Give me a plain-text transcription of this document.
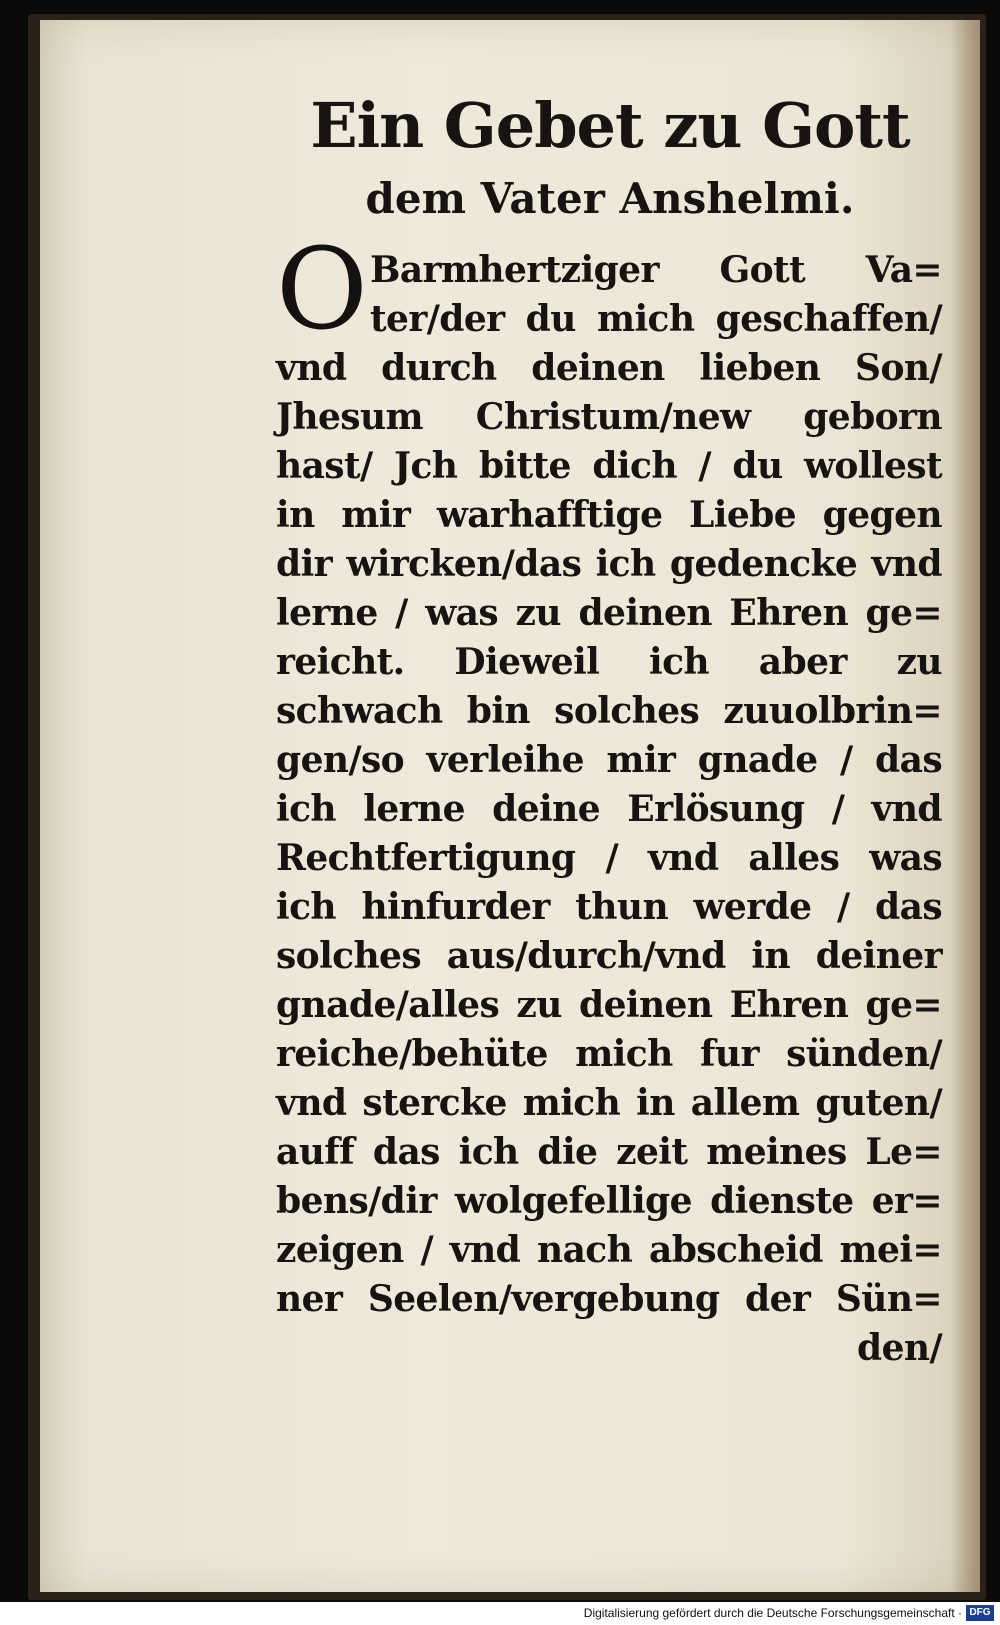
Ein Gebet zu Gott
dem Vater Anshelmi.
O Barmhertziger Gott Va=
ter/der du mich geschaffen/
vnd durch deinen lieben Son/
Jhesum Christum/new geborn
hast/ Jch bitte dich / du wollest
in mir warhafftige Liebe gegen
dir wircken/das ich gedencke vnd
lerne / was zu deinen Ehren ge=
reicht. Dieweil ich aber zu
schwach bin solches zuuolbrin=
gen/so verleihe mir gnade / das
ich lerne deine Erlösung / vnd
Rechtfertigung / vnd alles was
ich hinfurder thun werde / das
solches aus/durch/vnd in deiner
gnade/alles zu deinen Ehren ge=
reiche/behüte mich fur sünden/
vnd stercke mich in allem guten/
auff das ich die zeit meines Le=
bens/dir wolgefellige dienste er=
zeigen / vnd nach abscheid mei=
ner Seelen/vergebung der Sün=
den/
Digitalisierung gefördert durch die Deutsche Forschungsgemeinschaft · DFG
